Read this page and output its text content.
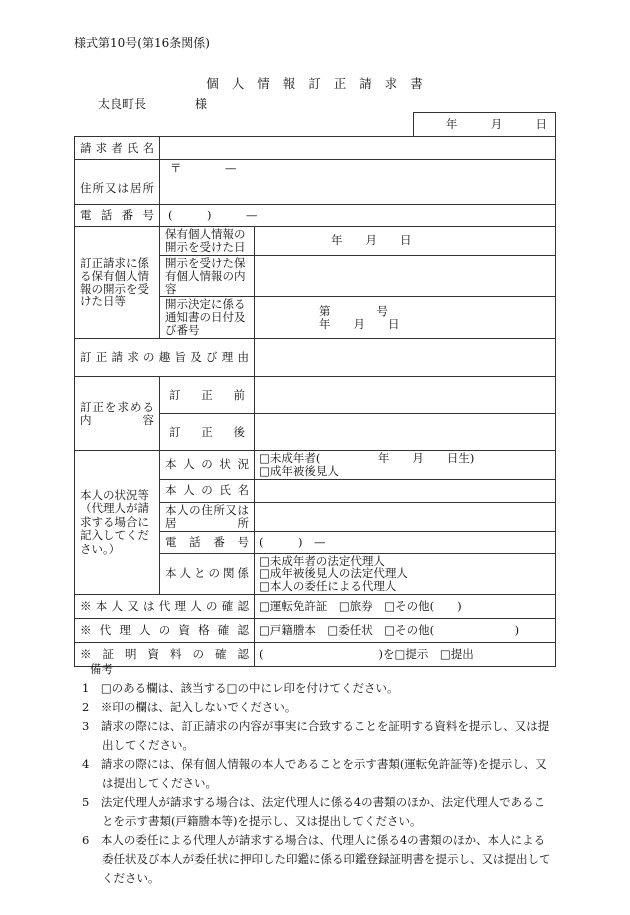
様式第10号(第16条関係)
個人情報訂正請求書
太良町長	様
			年 月 日

請求者氏名			

住所又は居所	〒 —		

電話番号	(　　　)　　　—		
訂正請求に係る保有個人情報の開示を受けた日等	保有個人情報の開示を受けた日	年　　月　　日	
	開示を受けた保有個人情報の内容		
	開示決定に係る通知書の日付及び番号	第　　　　号
年　　月　　日	

訂正請求の趣旨及び理由			

訂正を求める内容	訂正前		

	訂正後		

本人の状況等（代理人が請求する場合に記入してください。）	本人の状況	□未成年者(　　　　　年　　月　　日生)
□成年被後見人	

	本人の氏名		

	本人の住所又は居所		

	電話番号	(　　　)　—	

	本人との関係	□未成年者の法定代理人
□成年被後見人の法定代理人
□本人の委任による代理人	

※本人又は代理人の確認		□運転免許証　□旅券　□その他(　　)	

※代理人の資格確認		□戸籍謄本　□委任状　□その他(　　　　　　　)	

※証明資料の確認		(　　　　　　　　　　)を□提示　□提出	
備考
1　□のある欄は、該当する□の中にレ印を付けてください。
2　※印の欄は、記入しないでください。
3　請求の際には、訂正請求の内容が事実に合致することを証明する資料を提示し、又は提出してください。
4　請求の際には、保有個人情報の本人であることを示す書類(運転免許証等)を提示し、又は提出してください。
5　法定代理人が請求する場合は、法定代理人に係る4の書類のほか、法定代理人であることを示す書類(戸籍謄本等)を提示し、又は提出してください。
6　本人の委任による代理人が請求する場合は、代理人に係る4の書類のほか、本人による委任状及び本人が委任状に押印した印鑑に係る印鑑登録証明書を提示し、又は提出してください。
